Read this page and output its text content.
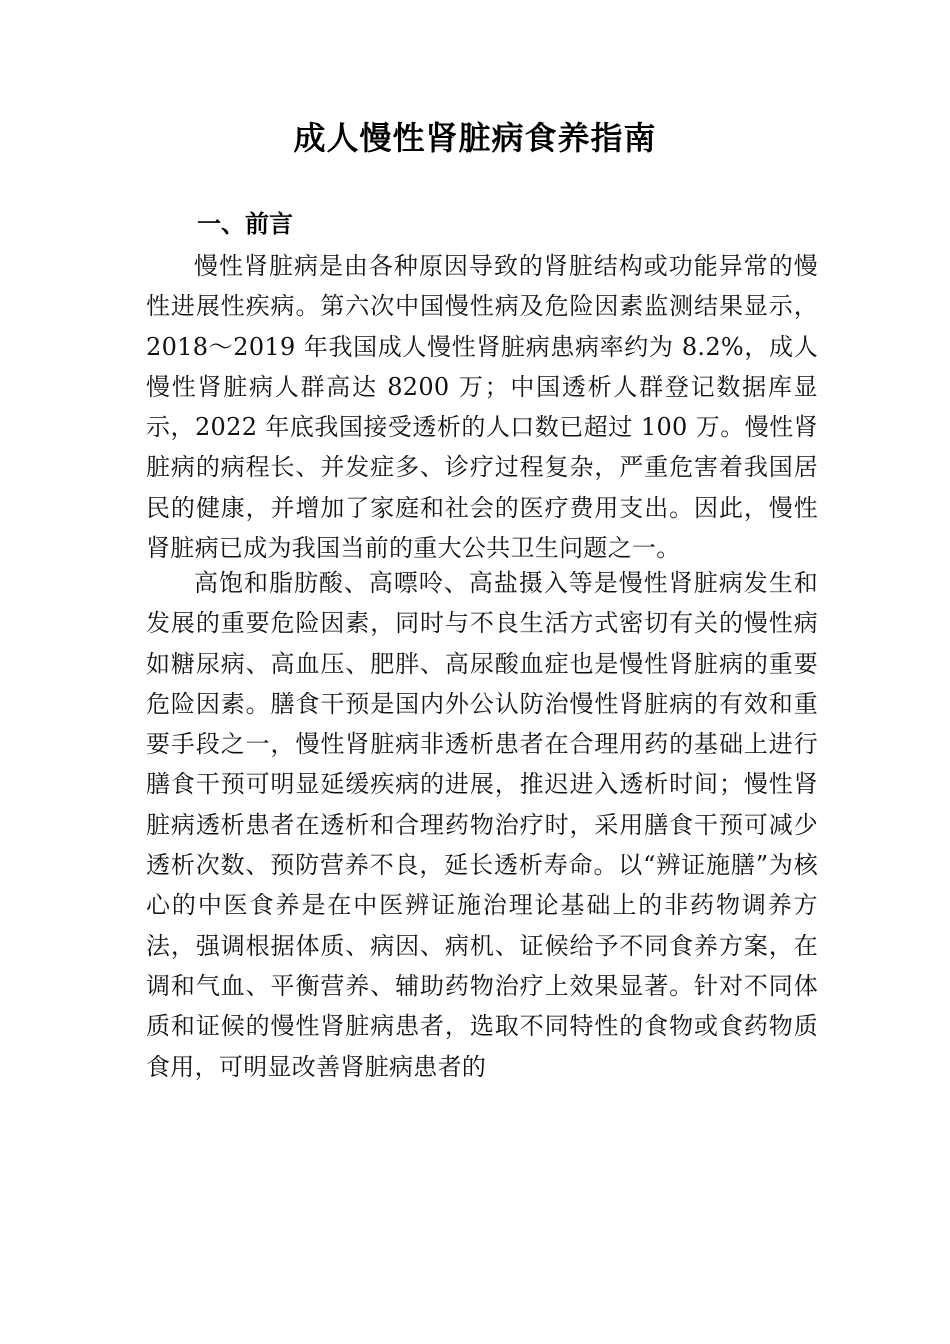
成人慢性肾脏病食养指南
一、前言

慢性肾脏病是由各种原因导致的肾脏结构或功能异常的慢性进展性疾病。第六次中国慢性病及危险因素监测结果显示，2018～2019 年我国成人慢性肾脏病患病率约为 8.2%，成人慢性肾脏病人群高达 8200 万；中国透析人群登记数据库显示，2022 年底我国接受透析的人口数已超过 100 万。慢性肾脏病的病程长、并发症多、诊疗过程复杂，严重危害着我国居民的健康，并增加了家庭和社会的医疗费用支出。因此，慢性肾脏病已成为我国当前的重大公共卫生问题之一。

高饱和脂肪酸、高嘌呤、高盐摄入等是慢性肾脏病发生和发展的重要危险因素，同时与不良生活方式密切有关的慢性病如糖尿病、高血压、肥胖、高尿酸血症也是慢性肾脏病的重要危险因素。膳食干预是国内外公认防治慢性肾脏病的有效和重要手段之一，慢性肾脏病非透析患者在合理用药的基础上进行膳食干预可明显延缓疾病的进展，推迟进入透析时间；慢性肾脏病透析患者在透析和合理药物治疗时，采用膳食干预可减少透析次数、预防营养不良，延长透析寿命。以“辨证施膳”为核心的中医食养是在中医辨证施治理论基础上的非药物调养方法，强调根据体质、病因、病机、证候给予不同食养方案，在调和气血、平衡营养、辅助药物治疗上效果显著。针对不同体质和证候的慢性肾脏病患者，选取不同特性的食物或食药物质食用，可明显改善肾脏病患者的
